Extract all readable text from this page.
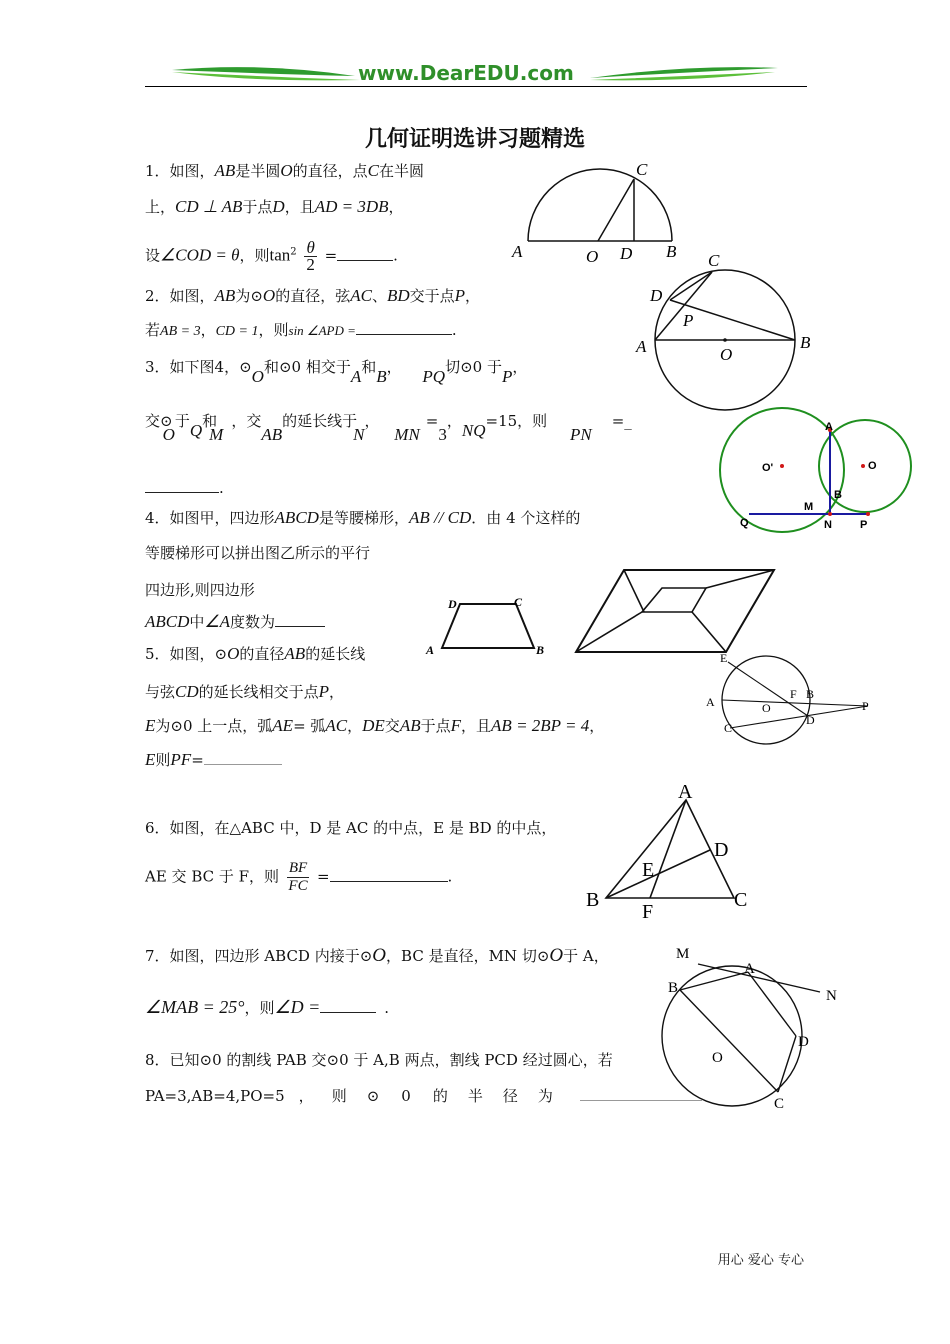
www.DearEDU.com
几何证明选讲习题精选
1．如图，AB是半圆O的直径，点C在半圆
上，CD ⊥ AB于点D，且AD = 3DB，
设∠COD = θ，则$\tan^2 \frac{\theta}{2}$ =	.
C
A	O D B
2．如图，AB为⊙O的直径，弦AC、BD交于点P，
若AB = 3，CD = 1，则sin ∠APD =	.
C
D
P
A	O
B
3．如下图4，⊙O和⊙0 相交于A和B， PQ切⊙0 于P，
交⊙O于Q和M，交AB的延长线于N， MN=3，NQ=15，则 PN=_
.
A
O'	O
B
M
Q	N	P
4．如图甲，四边形ABCD是等腰梯形，AB // CD．由 4 个这样的
等腰梯形可以拼出图乙所示的平行
四边形,则四边形
ABCD中∠A度数为
D	C
A	B
5．如图，⊙O的直径AB的延长线
与弦CD的延长线相交于点P，
E为⊙0 上一点，弧AE= 弧AC，DE交AB于点F，且AB = 2BP = 4，
E则PF=
E
A	O
F B
P
C
D
6．如图，在△ABC 中，D 是 AC 的中点，E 是 BD 的中点，
AE 交 BC 于 F，则 $\frac{BF}{FC}$ =	.
A
D
E
B
F
C
7．如图，四边形 ABCD 内接于⊙O，BC 是直径，MN 切⊙O于 A，
∠MAB = 25°，则∠D =	.
M
A
N
B
O
D
C
8．已知⊙0 的割线 PAB 交⊙0 于 A,B 两点，割线 PCD 经过圆心，若
PA=3,AB=4,PO=5 ， 则 ⊙ 0 的 半 径 为
用心 爱心 专心
